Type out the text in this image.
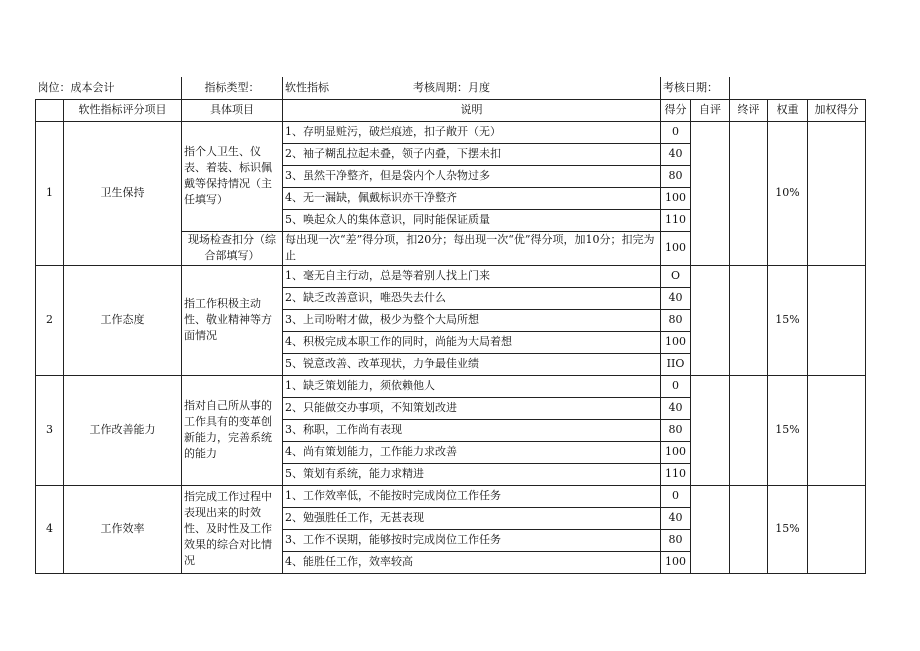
岗位：成本会计		指标类型：	软性指标 考核周期：月度	考核日期：				
	软性指标评分项目	具体项目	说明	得分	自评	终评	权重	加权得分
1	卫生保持	指个人卫生、仪表、着装、标识佩戴等保持情况（主任填写）	1、存明显赃污，破烂痕迹，扣子敞开（无）	0			10%	
			2、袖子糊乱拉起未叠，领子内叠，下摆未扣	40				
			3、虽然干净整齐，但是袋内个人杂物过多	80				
			4、无一漏缺，佩戴标识亦干净整齐	100				
			5、唤起众人的集体意识，同时能保证质量	110				
		现场检查扣分（综合部填写）	每出现一次“差”得分项，扣20分；每出现一次“优”得分项，加10分；扣完为止	100				
2	工作态度	指工作积极主动性、敬业精神等方面情况	1、毫无自主行动，总是等着别人找上门来	O			15%	
			2、缺乏改善意识，唯恐失去什么	40				
			3、上司吩咐才做，极少为整个大局所想	80				
			4、积极完成本职工作的同时，尚能为大局着想	100				
			5、锐意改善、改革现状，力争最佳业绩	IIO				
3	工作改善能力	指对自己所从事的工作具有的变革创新能力，完善系统的能力	1、缺乏策划能力，须依赖他人	0			15%	
			2、只能做交办事项，不知策划改进	40				
			3、称职，工作尚有表现	80				
			4、尚有策划能力，工作能力求改善	100				
			5、策划有系统，能力求精进	110				
4	工作效率	指完成工作过程中表现出来的时效性、及时性及工作效果的综合对比情况	1、工作效率低，不能按时完成岗位工作任务	0			15%	
			2、勉强胜任工作，无甚表现	40				
			3、工作不误期，能够按时完成岗位工作任务	80				
			4、能胜任工作，效率较高	100				
